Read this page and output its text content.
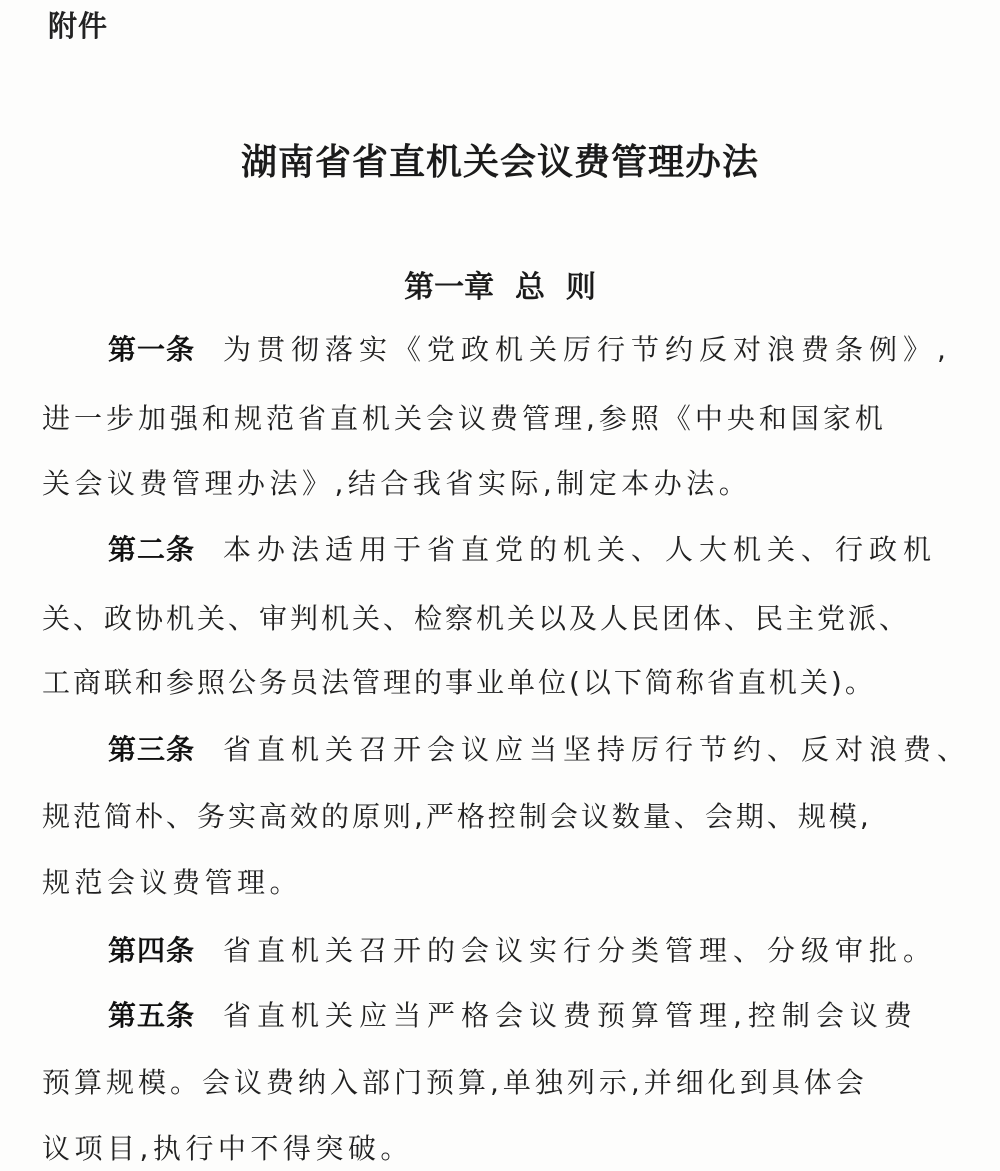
附件
湖南省省直机关会议费管理办法
第一章  总  则
第一条 为贯彻落实《党政机关厉行节约反对浪费条例》,
进一步加强和规范省直机关会议费管理,参照《中央和国家机
关会议费管理办法》,结合我省实际,制定本办法。
第二条 本办法适用于省直党的机关、人大机关、行政机
关、政协机关、审判机关、检察机关以及人民团体、民主党派、
工商联和参照公务员法管理的事业单位(以下简称省直机关)。
第三条 省直机关召开会议应当坚持厉行节约、反对浪费、
规范简朴、务实高效的原则,严格控制会议数量、会期、规模,
规范会议费管理。
第四条 省直机关召开的会议实行分类管理、分级审批。
第五条 省直机关应当严格会议费预算管理,控制会议费
预算规模。会议费纳入部门预算,单独列示,并细化到具体会
议项目,执行中不得突破。
